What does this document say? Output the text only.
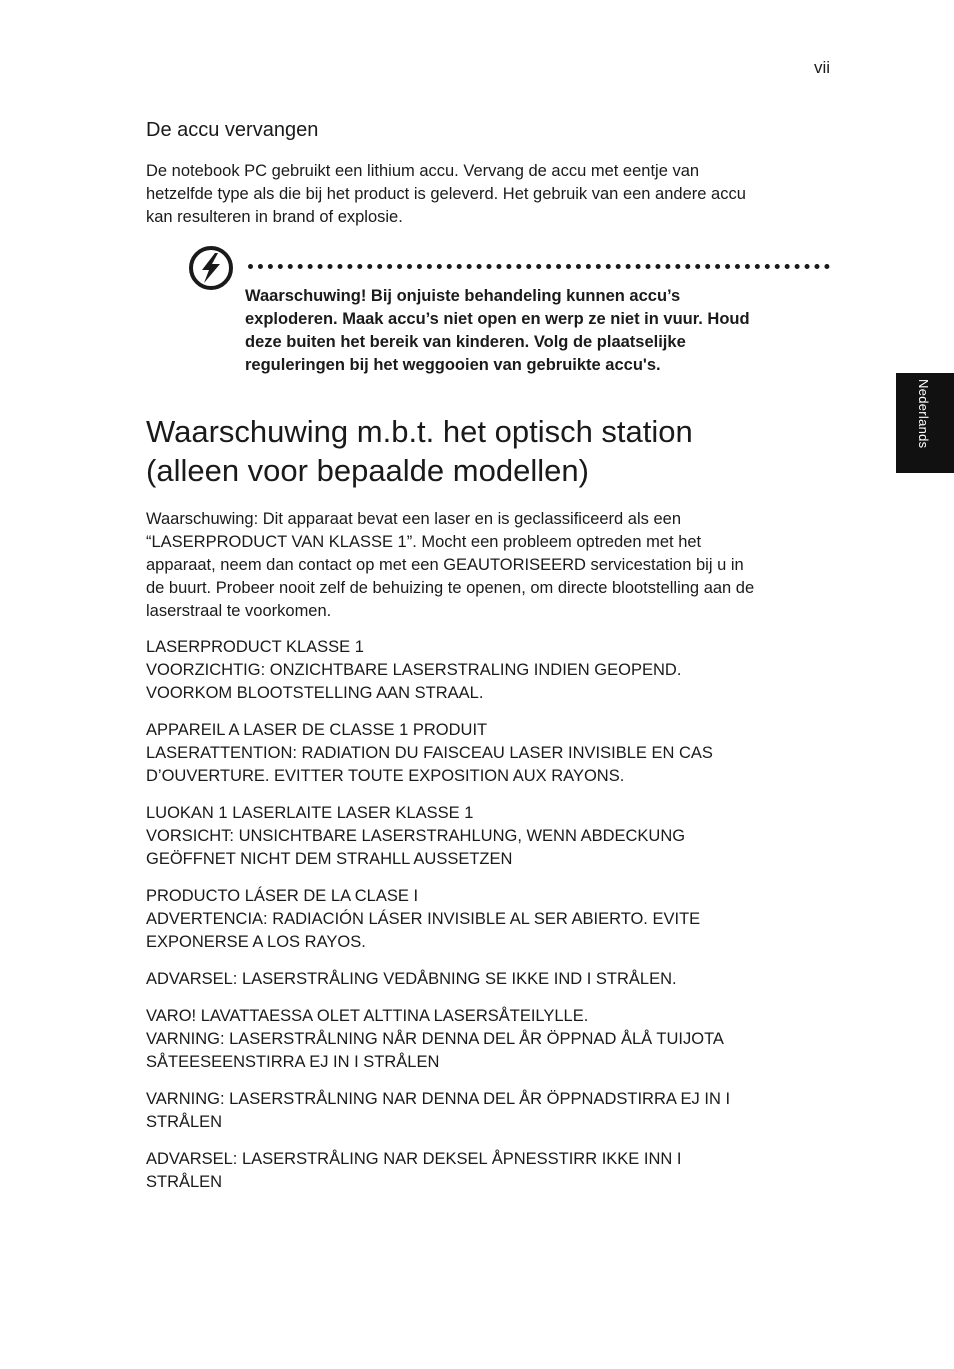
vii
Nederlands
De accu vervangen

De notebook PC gebruikt een lithium accu. Vervang de accu met eentje van
hetzelfde type als die bij het product is geleverd. Het gebruik van een andere accu
kan resulteren in brand of explosie.

Waarschuwing! Bij onjuiste behandeling kunnen accu’s
exploderen. Maak accu’s niet open en werp ze niet in vuur. Houd
deze buiten het bereik van kinderen. Volg de plaatselijke
reguleringen bij het weggooien van gebruikte accu's.

Waarschuwing m.b.t. het optisch station
(alleen voor bepaalde modellen)

Waarschuwing: Dit apparaat bevat een laser en is geclassificeerd als een
“LASERPRODUCT VAN KLASSE 1”. Mocht een probleem optreden met het
apparaat, neem dan contact op met een GEAUTORISEERD servicestation bij u in
de buurt. Probeer nooit zelf de behuizing te openen, om directe blootstelling aan de
laserstraal te voorkomen.

LASERPRODUCT KLASSE 1
VOORZICHTIG: ONZICHTBARE LASERSTRALING INDIEN GEOPEND.
VOORKOM BLOOTSTELLING AAN STRAAL.

APPAREIL A LASER DE CLASSE 1 PRODUIT
LASERATTENTION: RADIATION DU FAISCEAU LASER INVISIBLE EN CAS
D’OUVERTURE. EVITTER TOUTE EXPOSITION AUX RAYONS.

LUOKAN 1 LASERLAITE LASER KLASSE 1
VORSICHT: UNSICHTBARE LASERSTRAHLUNG, WENN ABDECKUNG
GEÖFFNET NICHT DEM STRAHLL AUSSETZEN

PRODUCTO LÁSER DE LA CLASE I
ADVERTENCIA: RADIACIÓN LÁSER INVISIBLE AL SER ABIERTO. EVITE
EXPONERSE A LOS RAYOS.

ADVARSEL: LASERSTRÅLING VEDÅBNING SE IKKE IND I STRÅLEN.

VARO! LAVATTAESSA OLET ALTTINA LASERSÅTEILYLLE.
VARNING: LASERSTRÅLNING NÅR DENNA DEL ÅR ÖPPNAD ÅLÅ TUIJOTA
SÅTEESEENSTIRRA EJ IN I STRÅLEN

VARNING: LASERSTRÅLNING NAR DENNA DEL ÅR ÖPPNADSTIRRA EJ IN I
STRÅLEN

ADVARSEL: LASERSTRÅLING NAR DEKSEL ÅPNESSTIRR IKKE INN I
STRÅLEN
